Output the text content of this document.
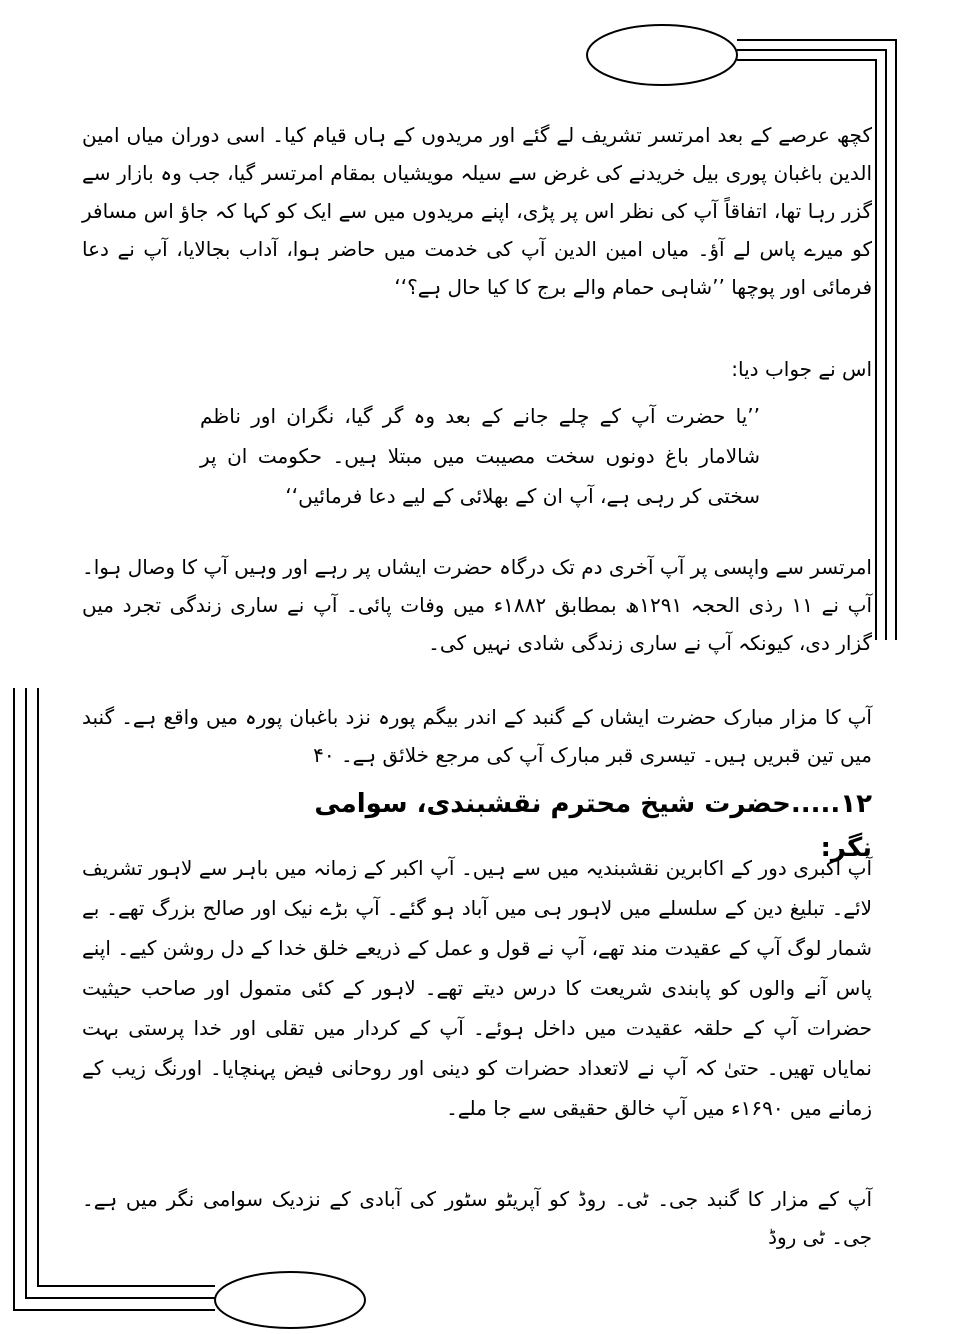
کچھ عرصے کے بعد امرتسر تشریف لے گئے اور مریدوں کے ہاں قیام کیا۔ اسی دوران میاں امین الدین باغبان پوری بیل خریدنے کی غرض سے سیلہ مویشیاں بمقام امرتسر گیا، جب وہ بازار سے گزر رہا تھا، اتفاقاً آپ کی نظر اس پر پڑی، اپنے مریدوں میں سے ایک کو کہا کہ جاؤ اس مسافر کو میرے پاس لے آؤ۔ میاں امین الدین آپ کی خدمت میں حاضر ہوا، آداب بجالایا، آپ نے دعا فرمائی اور پوچھا ’’شاہی حمام والے برج کا کیا حال ہے؟‘‘

اس نے جواب دیا:

’’یا حضرت آپ کے چلے جانے کے بعد وہ گر گیا، نگران اور ناظم شالامار باغ دونوں سخت مصیبت میں مبتلا ہیں۔ حکومت ان پر سختی کر رہی ہے، آپ ان کے بھلائی کے لیے دعا فرمائیں‘‘

امرتسر سے واپسی پر آپ آخری دم تک درگاہ حضرت ایشاں پر رہے اور وہیں آپ کا وصال ہوا۔ آپ نے ۱۱ رذی الحجہ ۱۲۹۱ھ بمطابق ۱۸۸۲ء میں وفات پائی۔ آپ نے ساری زندگی تجرد میں گزار دی، کیونکہ آپ نے ساری زندگی شادی نہیں کی۔

آپ کا مزار مبارک حضرت ایشاں کے گنبد کے اندر بیگم پورہ نزد باغبان پورہ میں واقع ہے۔ گنبد میں تین قبریں ہیں۔ تیسری قبر مبارک آپ کی مرجع خلائق ہے۔ ۴۰

۱۲.....حضرت شیخ محترم نقشبندی، سوامی نگر:

آپ اکبری دور کے اکابرین نقشبندیہ میں سے ہیں۔ آپ اکبر کے زمانہ میں باہر سے لاہور تشریف لائے۔ تبلیغ دین کے سلسلے میں لاہور ہی میں آباد ہو گئے۔ آپ بڑے نیک اور صالح بزرگ تھے۔ بے شمار لوگ آپ کے عقیدت مند تھے، آپ نے قول و عمل کے ذریعے خلق خدا کے دل روشن کیے۔ اپنے پاس آنے والوں کو پابندی شریعت کا درس دیتے تھے۔ لاہور کے کئی متمول اور صاحب حیثیت حضرات آپ کے حلقہ عقیدت میں داخل ہوئے۔ آپ کے کردار میں تقلی اور خدا پرستی بہت نمایاں تھیں۔ حتیٰ کہ آپ نے لاتعداد حضرات کو دینی اور روحانی فیض پہنچایا۔ اورنگ زیب کے زمانے میں ۱۶۹۰ء میں آپ خالق حقیقی سے جا ملے۔

آپ کے مزار کا گنبد جی۔ ٹی۔ روڈ کو آپریٹو سٹور کی آبادی کے نزدیک سوامی نگر میں ہے۔ جی۔ ٹی روڈ
